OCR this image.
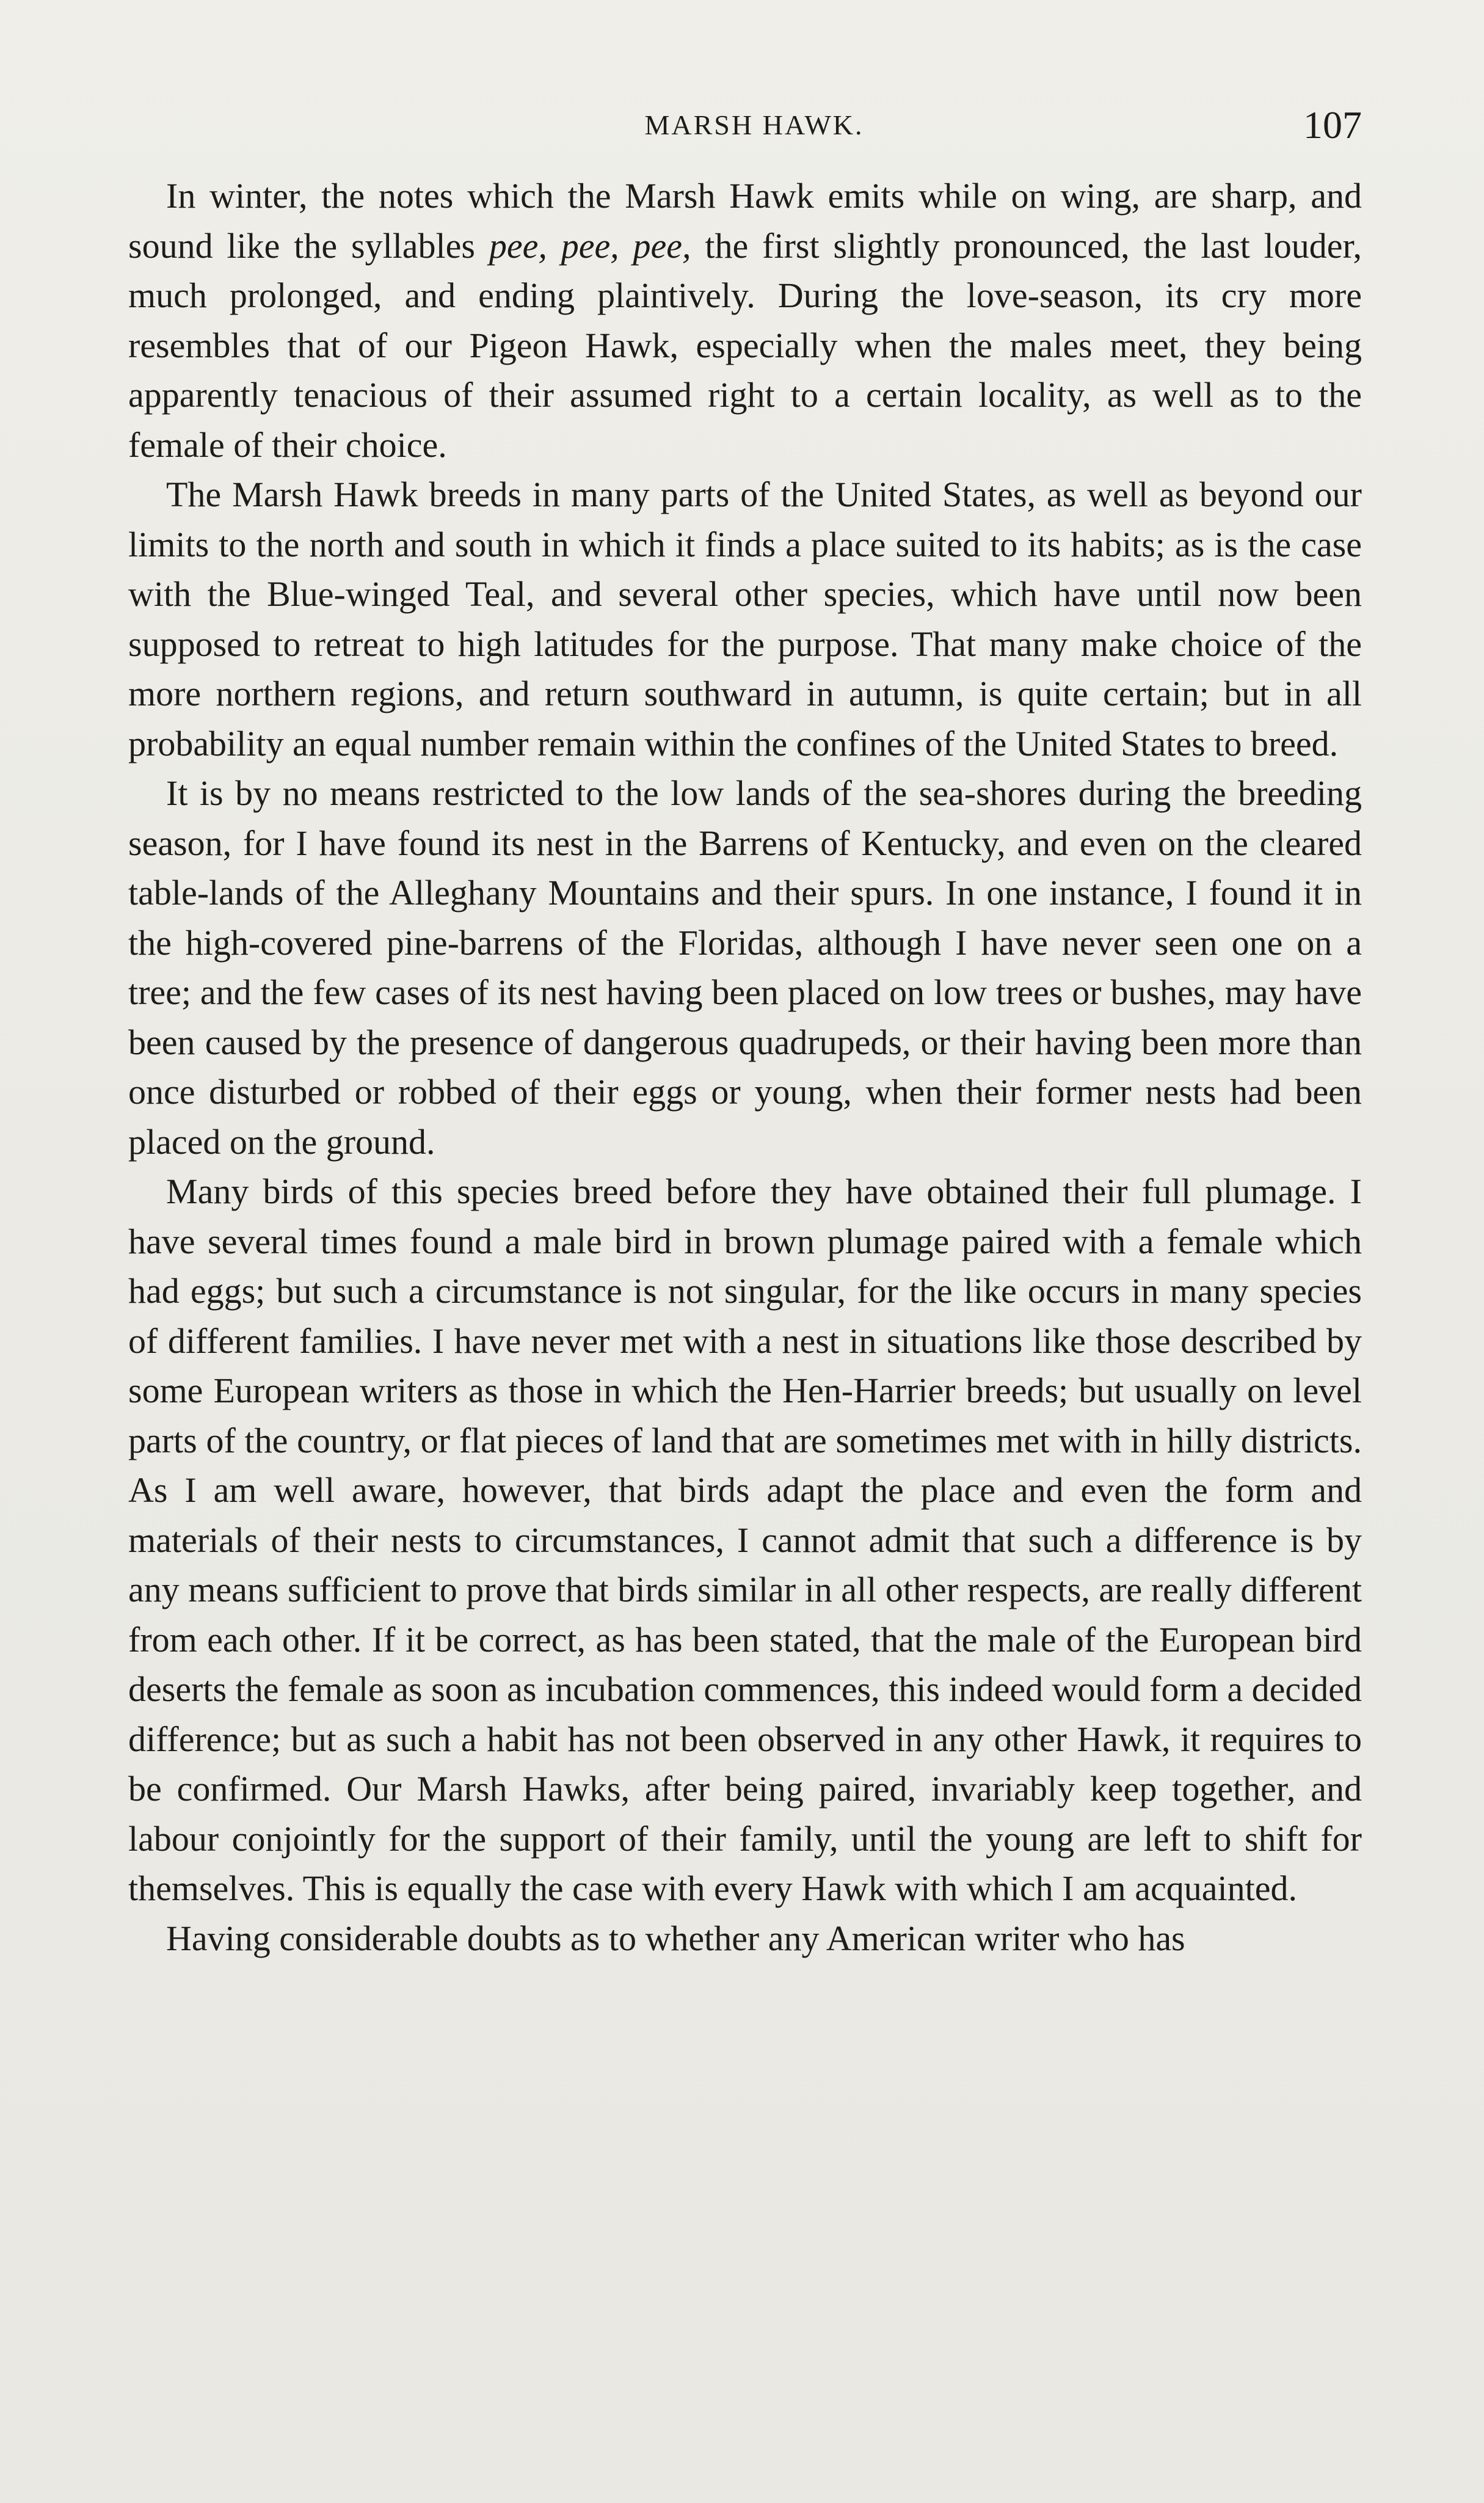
MARSH HAWK.	107

In winter, the notes which the Marsh Hawk emits while on wing, are sharp, and sound like the syllables pee, pee, pee, the first slightly pronounced, the last louder, much prolonged, and ending plaintively. During the love-season, its cry more resembles that of our Pigeon Hawk, especially when the males meet, they being apparently tenacious of their assumed right to a certain locality, as well as to the female of their choice.

The Marsh Hawk breeds in many parts of the United States, as well as beyond our limits to the north and south in which it finds a place suited to its habits; as is the case with the Blue-winged Teal, and several other species, which have until now been supposed to retreat to high latitudes for the purpose. That many make choice of the more northern regions, and return southward in autumn, is quite certain; but in all probability an equal number remain within the confines of the United States to breed.

It is by no means restricted to the low lands of the sea-shores during the breeding season, for I have found its nest in the Barrens of Kentucky, and even on the cleared table-lands of the Alleghany Mountains and their spurs. In one instance, I found it in the high-covered pine-barrens of the Floridas, although I have never seen one on a tree; and the few cases of its nest having been placed on low trees or bushes, may have been caused by the presence of dangerous quadrupeds, or their having been more than once disturbed or robbed of their eggs or young, when their former nests had been placed on the ground.

Many birds of this species breed before they have obtained their full plumage. I have several times found a male bird in brown plumage paired with a female which had eggs; but such a circumstance is not singular, for the like occurs in many species of different families. I have never met with a nest in situations like those described by some European writers as those in which the Hen-Harrier breeds; but usually on level parts of the country, or flat pieces of land that are sometimes met with in hilly districts. As I am well aware, however, that birds adapt the place and even the form and materials of their nests to circumstances, I cannot admit that such a difference is by any means sufficient to prove that birds similar in all other respects, are really different from each other. If it be correct, as has been stated, that the male of the European bird deserts the female as soon as incubation commences, this indeed would form a decided difference; but as such a habit has not been observed in any other Hawk, it requires to be confirmed. Our Marsh Hawks, after being paired, invariably keep together, and labour conjointly for the support of their family, until the young are left to shift for themselves. This is equally the case with every Hawk with which I am acquainted.

Having considerable doubts as to whether any American writer who has
